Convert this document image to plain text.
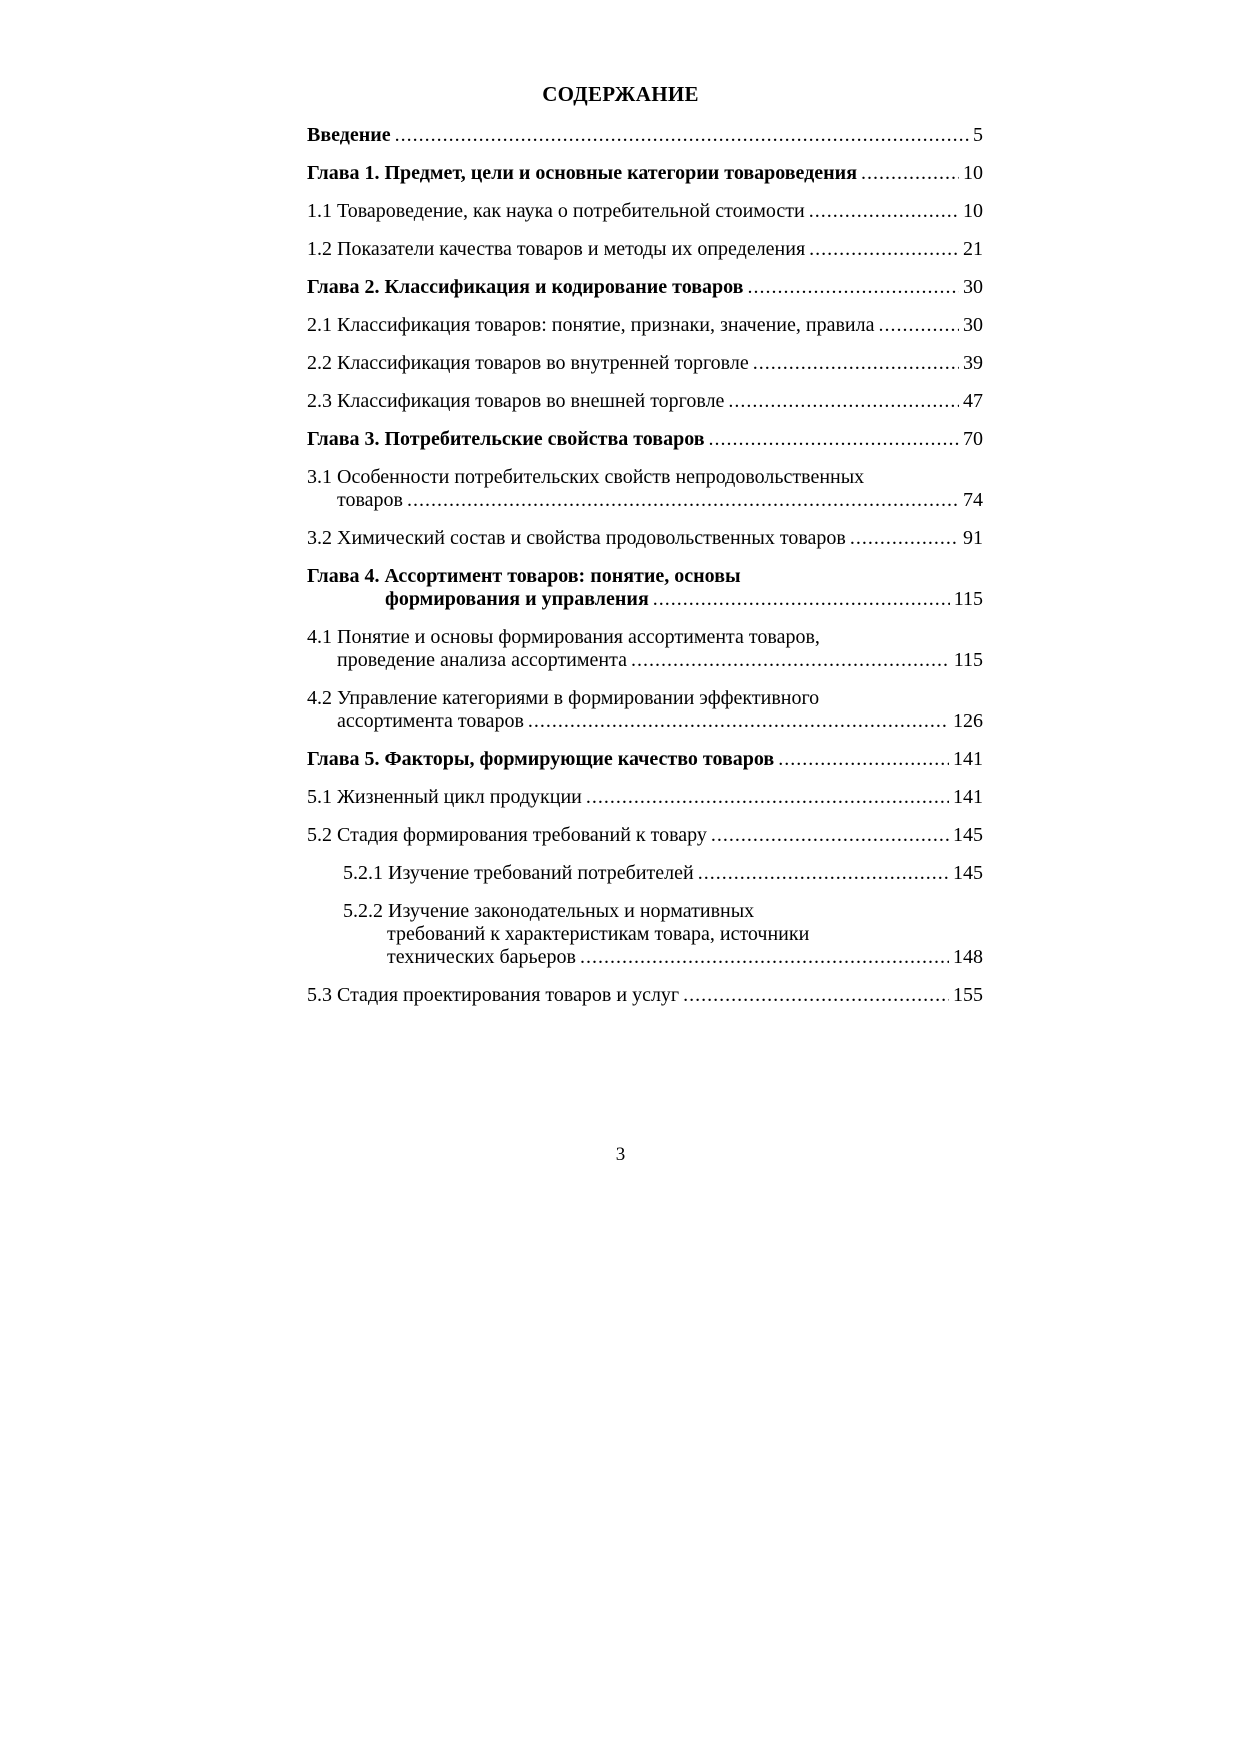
СОДЕРЖАНИЕ
Введение .....	5
Глава 1. Предмет, цели и основные категории товароведения .....	10
1.1 Товароведение, как наука о потребительной стоимости .....	10
1.2 Показатели качества товаров и методы их определения .....	21
Глава 2. Классификация и кодирование товаров .....	30
2.1 Классификация товаров: понятие, признаки, значение, правила .....	30
2.2 Классификация товаров во внутренней торговле .....	39
2.3 Классификация товаров во внешней торговле .....	47
Глава 3. Потребительские свойства товаров .....	70
3.1 Особенности потребительских свойств непродовольственных
товаров .....	74
3.2 Химический состав и свойства продовольственных товаров .....	91
Глава 4. Ассортимент товаров: понятие, основы
формирования и управления .....	115
4.1 Понятие и основы формирования ассортимента товаров,
проведение анализа ассортимента .....	115
4.2 Управление категориями в формировании эффективного
ассортимента товаров .....	126
Глава 5. Факторы, формирующие качество товаров .....	141
5.1 Жизненный цикл продукции .....	141
5.2 Стадия формирования требований к товару .....	145
5.2.1 Изучение требований потребителей .....	145
5.2.2 Изучение законодательных и нормативных
требований к характеристикам товара, источники
технических барьеров .....	148
5.3 Стадия проектирования товаров и услуг .....	155
3
